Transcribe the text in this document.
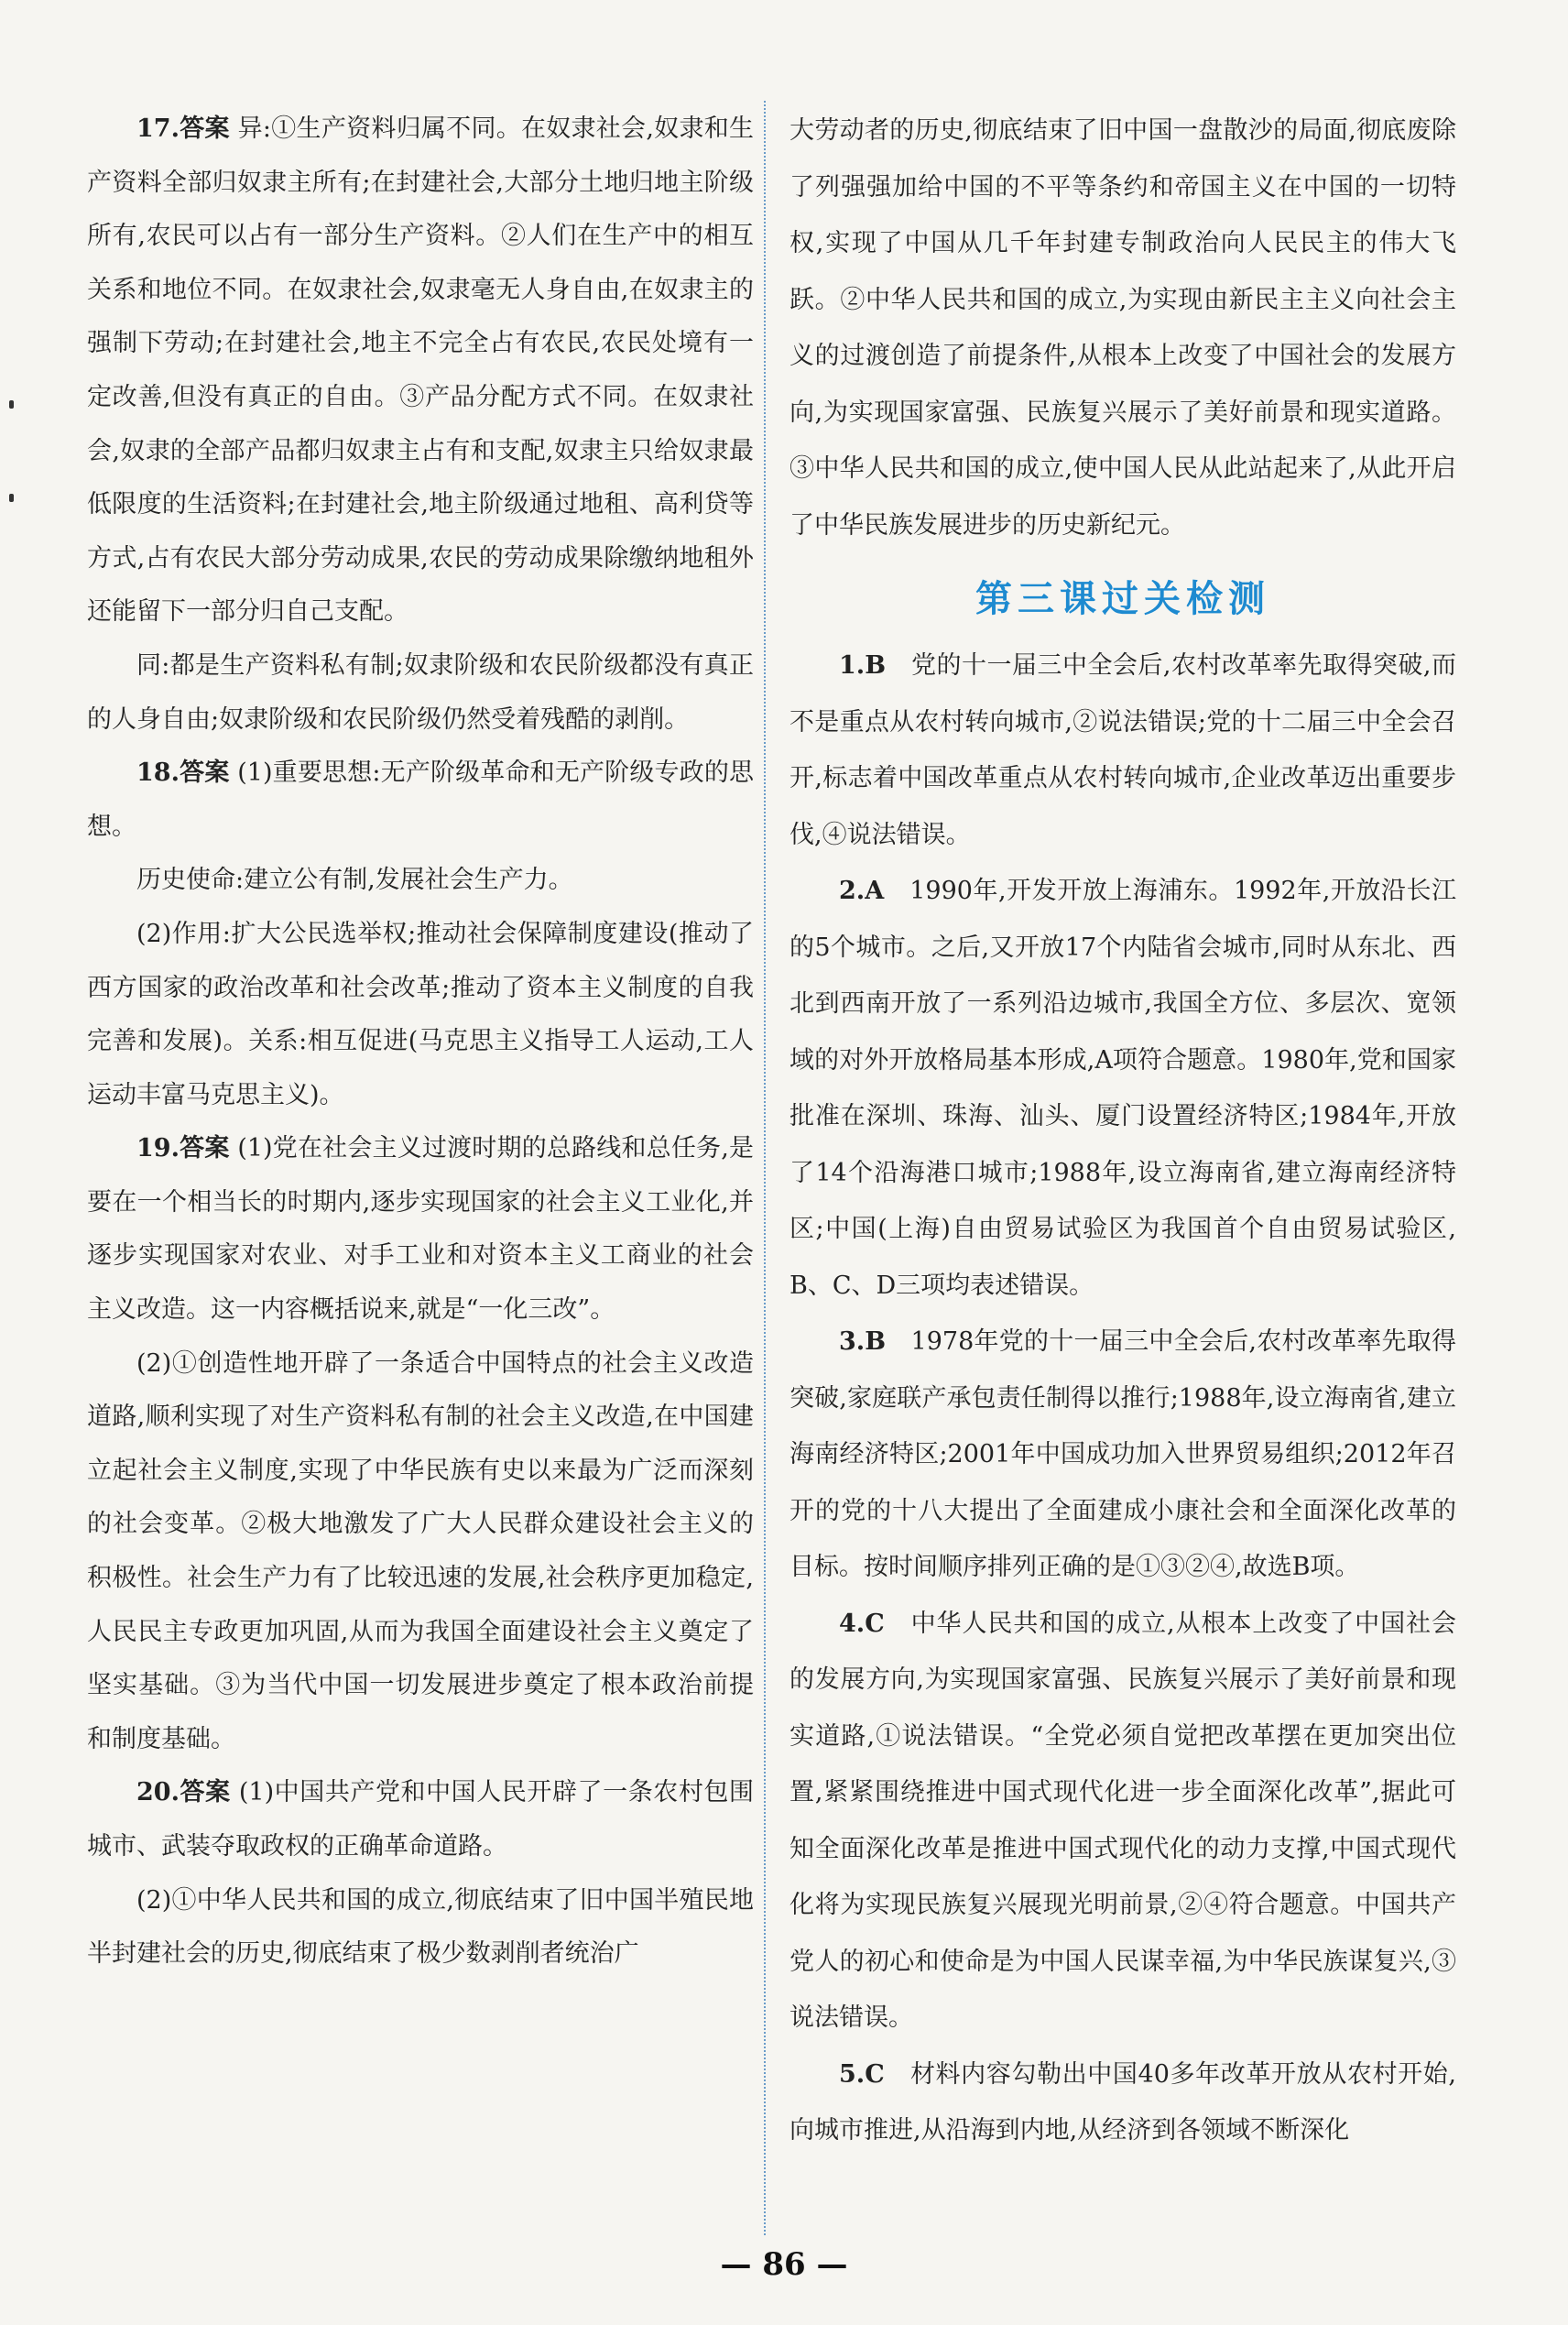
17.答案 异:①生产资料归属不同。在奴隶社会,奴隶和生产资料全部归奴隶主所有;在封建社会,大部分土地归地主阶级所有,农民可以占有一部分生产资料。②人们在生产中的相互关系和地位不同。在奴隶社会,奴隶毫无人身自由,在奴隶主的强制下劳动;在封建社会,地主不完全占有农民,农民处境有一定改善,但没有真正的自由。③产品分配方式不同。在奴隶社会,奴隶的全部产品都归奴隶主占有和支配,奴隶主只给奴隶最低限度的生活资料;在封建社会,地主阶级通过地租、高利贷等方式,占有农民大部分劳动成果,农民的劳动成果除缴纳地租外还能留下一部分归自己支配。

同:都是生产资料私有制;奴隶阶级和农民阶级都没有真正的人身自由;奴隶阶级和农民阶级仍然受着残酷的剥削。

18.答案 (1)重要思想:无产阶级革命和无产阶级专政的思想。

历史使命:建立公有制,发展社会生产力。

(2)作用:扩大公民选举权;推动社会保障制度建设(推动了西方国家的政治改革和社会改革;推动了资本主义制度的自我完善和发展)。关系:相互促进(马克思主义指导工人运动,工人运动丰富马克思主义)。

19.答案 (1)党在社会主义过渡时期的总路线和总任务,是要在一个相当长的时期内,逐步实现国家的社会主义工业化,并逐步实现国家对农业、对手工业和对资本主义工商业的社会主义改造。这一内容概括说来,就是“一化三改”。

(2)①创造性地开辟了一条适合中国特点的社会主义改造道路,顺利实现了对生产资料私有制的社会主义改造,在中国建立起社会主义制度,实现了中华民族有史以来最为广泛而深刻的社会变革。②极大地激发了广大人民群众建设社会主义的积极性。社会生产力有了比较迅速的发展,社会秩序更加稳定,人民民主专政更加巩固,从而为我国全面建设社会主义奠定了坚实基础。③为当代中国一切发展进步奠定了根本政治前提和制度基础。

20.答案 (1)中国共产党和中国人民开辟了一条农村包围城市、武装夺取政权的正确革命道路。

(2)①中华人民共和国的成立,彻底结束了旧中国半殖民地半封建社会的历史,彻底结束了极少数剥削者统治广

大劳动者的历史,彻底结束了旧中国一盘散沙的局面,彻底废除了列强强加给中国的不平等条约和帝国主义在中国的一切特权,实现了中国从几千年封建专制政治向人民民主的伟大飞跃。②中华人民共和国的成立,为实现由新民主主义向社会主义的过渡创造了前提条件,从根本上改变了中国社会的发展方向,为实现国家富强、民族复兴展示了美好前景和现实道路。③中华人民共和国的成立,使中国人民从此站起来了,从此开启了中华民族发展进步的历史新纪元。

第三课过关检测

1.B　 党的十一届三中全会后,农村改革率先取得突破,而不是重点从农村转向城市,②说法错误;党的十二届三中全会召开,标志着中国改革重点从农村转向城市,企业改革迈出重要步伐,④说法错误。

2.A　 1990年,开发开放上海浦东。1992年,开放沿长江的5个城市。之后,又开放17个内陆省会城市,同时从东北、西北到西南开放了一系列沿边城市,我国全方位、多层次、宽领域的对外开放格局基本形成,A项符合题意。1980年,党和国家批准在深圳、珠海、汕头、厦门设置经济特区;1984年,开放了14个沿海港口城市;1988年,设立海南省,建立海南经济特区;中国(上海)自由贸易试验区为我国首个自由贸易试验区,B、C、D三项均表述错误。

3.B　 1978年党的十一届三中全会后,农村改革率先取得突破,家庭联产承包责任制得以推行;1988年,设立海南省,建立海南经济特区;2001年中国成功加入世界贸易组织;2012年召开的党的十八大提出了全面建成小康社会和全面深化改革的目标。按时间顺序排列正确的是①③②④,故选B项。

4.C　 中华人民共和国的成立,从根本上改变了中国社会的发展方向,为实现国家富强、民族复兴展示了美好前景和现实道路,①说法错误。“全党必须自觉把改革摆在更加突出位置,紧紧围绕推进中国式现代化进一步全面深化改革”,据此可知全面深化改革是推进中国式现代化的动力支撑,中国式现代化将为实现民族复兴展现光明前景,②④符合题意。中国共产党人的初心和使命是为中国人民谋幸福,为中华民族谋复兴,③说法错误。

5.C　 材料内容勾勒出中国40多年改革开放从农村开始,向城市推进,从沿海到内地,从经济到各领域不断深化

— 86 —
